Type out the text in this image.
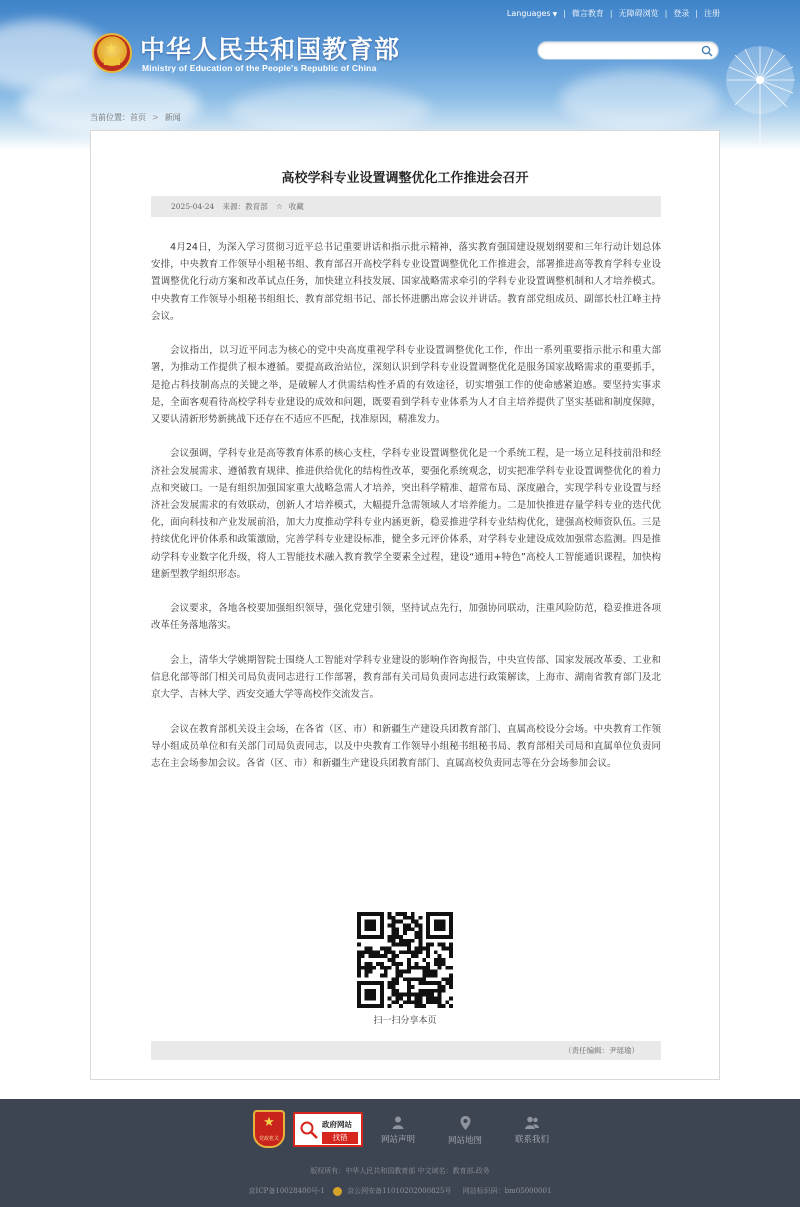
Languages ▼ | 微言教育 | 无障碍浏览 | 登录 | 注册
★ 中华人民共和国教育部
Ministry of Education of the People's Republic of China
当前位置：首页 > 新闻
高校学科专业设置调整优化工作推进会召开
2025-04-24 来源：教育部 ☆ 收藏

4月24日，为深入学习贯彻习近平总书记重要讲话和指示批示精神，落实教育强国建设规划纲要和三年行动计划总体安排，中央教育工作领导小组秘书组、教育部召开高校学科专业设置调整优化工作推进会，部署推进高等教育学科专业设置调整优化行动方案和改革试点任务，加快建立科技发展、国家战略需求牵引的学科专业设置调整机制和人才培养模式。中央教育工作领导小组秘书组组长、教育部党组书记、部长怀进鹏出席会议并讲话。教育部党组成员、副部长杜江峰主持会议。

会议指出，以习近平同志为核心的党中央高度重视学科专业设置调整优化工作，作出一系列重要指示批示和重大部署，为推动工作提供了根本遵循。要提高政治站位，深刻认识到学科专业设置调整优化是服务国家战略需求的重要抓手，是抢占科技制高点的关键之举，是破解人才供需结构性矛盾的有效途径，切实增强工作的使命感紧迫感。要坚持实事求是，全面客观看待高校学科专业建设的成效和问题，既要看到学科专业体系为人才自主培养提供了坚实基础和制度保障，又要认清新形势新挑战下还存在不适应不匹配，找准原因，精准发力。

会议强调，学科专业是高等教育体系的核心支柱，学科专业设置调整优化是一个系统工程，是一场立足科技前沿和经济社会发展需求、遵循教育规律、推进供给优化的结构性改革，要强化系统观念，切实把准学科专业设置调整优化的着力点和突破口。一是有组织加强国家重大战略急需人才培养，突出科学精准、超常布局、深度融合，实现学科专业设置与经济社会发展需求的有效联动，创新人才培养模式，大幅提升急需领域人才培养能力。二是加快推进存量学科专业的迭代优化，面向科技和产业发展前沿，加大力度推动学科专业内涵更新，稳妥推进学科专业结构优化，建强高校师资队伍。三是持续优化评价体系和政策激励，完善学科专业建设标准，健全多元评价体系，对学科专业建设成效加强常态监测。四是推动学科专业数字化升级，将人工智能技术融入教育教学全要素全过程，建设“通用+特色”高校人工智能通识课程，加快构建新型教学组织形态。

会议要求，各地各校要加强组织领导，强化党建引领，坚持试点先行，加强协同联动，注重风险防范，稳妥推进各项改革任务落地落实。

会上，清华大学姚期智院士围绕人工智能对学科专业建设的影响作咨询报告，中央宣传部、国家发展改革委、工业和信息化部等部门相关司局负责同志进行工作部署，教育部有关司局负责同志进行政策解读，上海市、湖南省教育部门及北京大学、吉林大学、西安交通大学等高校作交流发言。

会议在教育部机关设主会场，在各省（区、市）和新疆生产建设兵团教育部门、直属高校设分会场。中央教育工作领导小组成员单位和有关部门司局负责同志，以及中央教育工作领导小组秘书组秘书局、教育部相关司局和直属单位负责同志在主会场参加会议。各省（区、市）和新疆生产建设兵团教育部门、直属高校负责同志等在分会场参加会议。

扫一扫分享本页
（责任编辑：尹瑶瑜）
★
党政机关
政府网站
找错	网站声明	网站地图	联系我们
版权所有：中华人民共和国教育部 中文域名：教育部.政务
京ICP备10028400号-1	京公网安备11010202000825号 网站标识码：bm05000001
